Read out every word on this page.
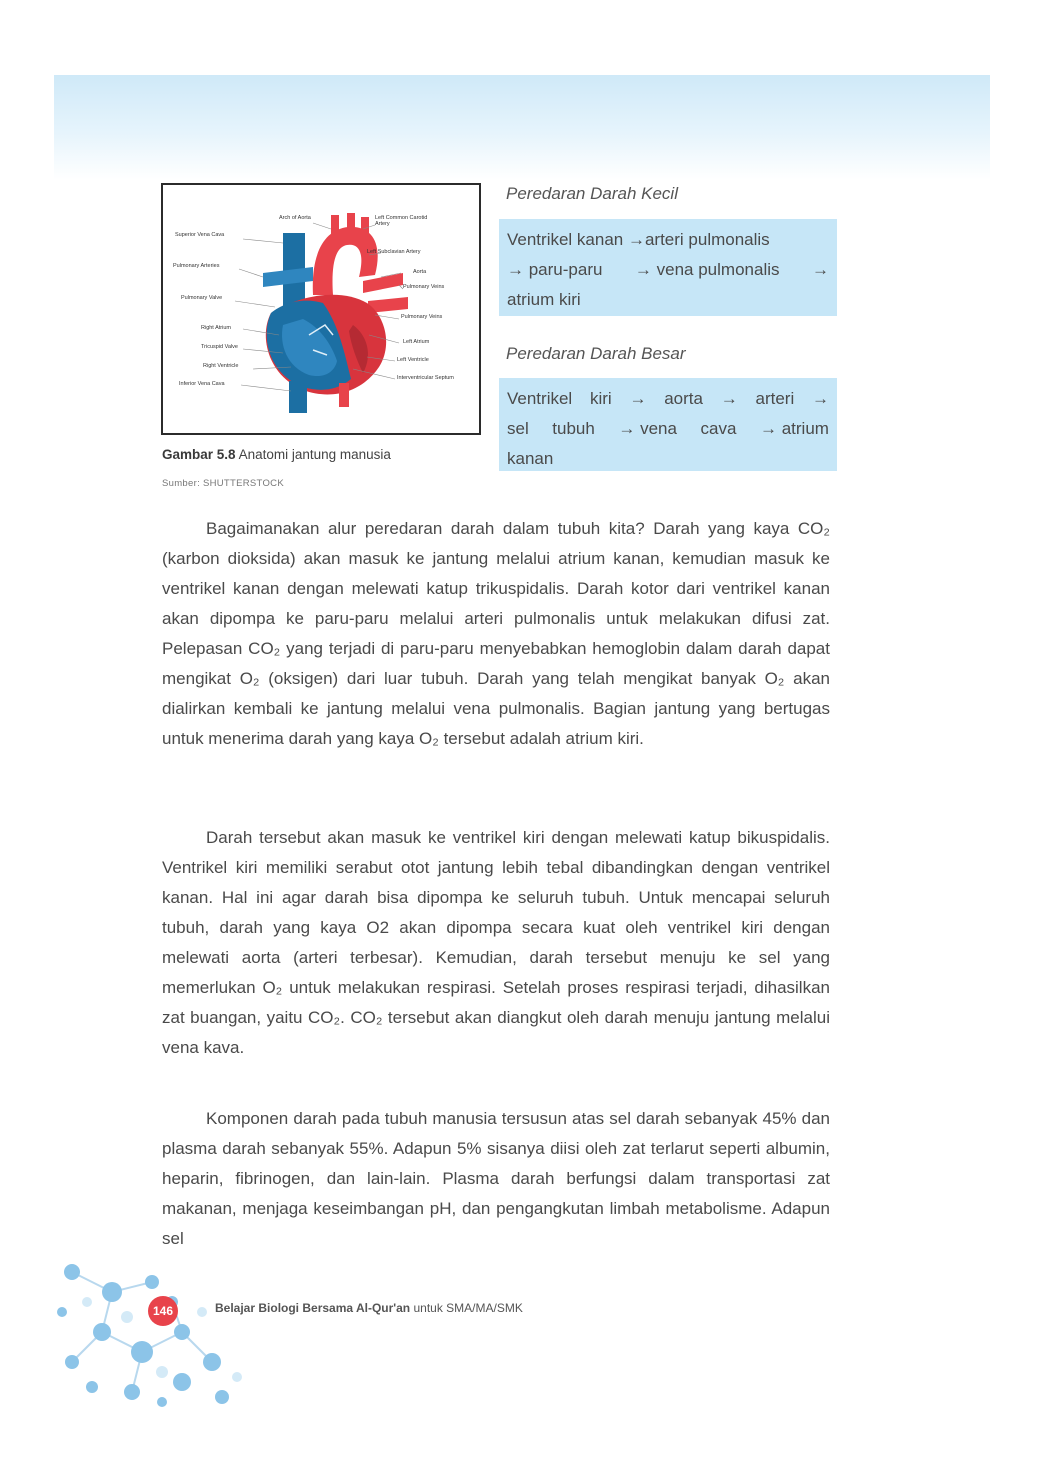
Superior Vena Cava
Pulmonary Arteries
Pulmonary Valve
Right Atrium
Tricuspid Valve
Right Ventricle
Inferior Vena Cava
Arch of Aorta	Left Common Carotid Artery
Left Subclavian Artery
Aorta
Pulmonary Veins
Pulmonary Veins
Left Atrium
Left Ventricle
Interventricular Septum
Gambar 5.8 Anatomi jantung manusia
Sumber: SHUTTERSTOCK
Peredaran Darah Kecil
Ventrikel kanan →arteri pulmonalis
→ paru-paru → vena pulmonalis →
atrium kiri
Peredaran Darah Besar
Ventrikel kiri → aorta → arteri →
sel tubuh → vena cava → atrium
kanan

Bagaimanakan alur peredaran darah dalam tubuh kita? Darah yang kaya CO₂ (karbon dioksida) akan masuk ke jantung melalui atrium kanan, kemudian masuk ke ventrikel kanan dengan melewati katup trikuspidalis. Darah kotor dari ventrikel kanan akan dipompa ke paru-paru melalui arteri pulmonalis untuk melakukan difusi zat. Pelepasan CO₂ yang terjadi di paru-paru menyebabkan hemoglobin dalam darah dapat mengikat O₂ (oksigen) dari luar tubuh. Darah yang telah mengikat banyak O₂ akan dialirkan kembali ke jantung melalui vena pulmonalis. Bagian jantung yang bertugas untuk menerima darah yang kaya O₂ tersebut adalah atrium kiri.

Darah tersebut akan masuk ke ventrikel kiri dengan melewati katup bikuspidalis. Ventrikel kiri memiliki serabut otot jantung lebih tebal dibandingkan dengan ventrikel kanan. Hal ini agar darah bisa dipompa ke seluruh tubuh. Untuk mencapai seluruh tubuh, darah yang kaya O2 akan dipompa secara kuat oleh ventrikel kiri dengan melewati aorta (arteri terbesar). Kemudian, darah tersebut menuju ke sel yang memerlukan O₂ untuk melakukan respirasi. Setelah proses respirasi terjadi, dihasilkan zat buangan, yaitu CO₂. CO₂ tersebut akan diangkut oleh darah menuju jantung melalui vena kava.

Komponen darah pada tubuh manusia tersusun atas sel darah sebanyak 45% dan plasma darah sebanyak 55%. Adapun 5% sisanya diisi oleh zat terlarut seperti albumin, heparin, fibrinogen, dan lain-lain. Plasma darah berfungsi dalam transportasi zat makanan, menjaga keseimbangan pH, dan pengangkutan limbah metabolisme. Adapun sel

146	Belajar Biologi Bersama Al-Qur'an untuk SMA/MA/SMK
